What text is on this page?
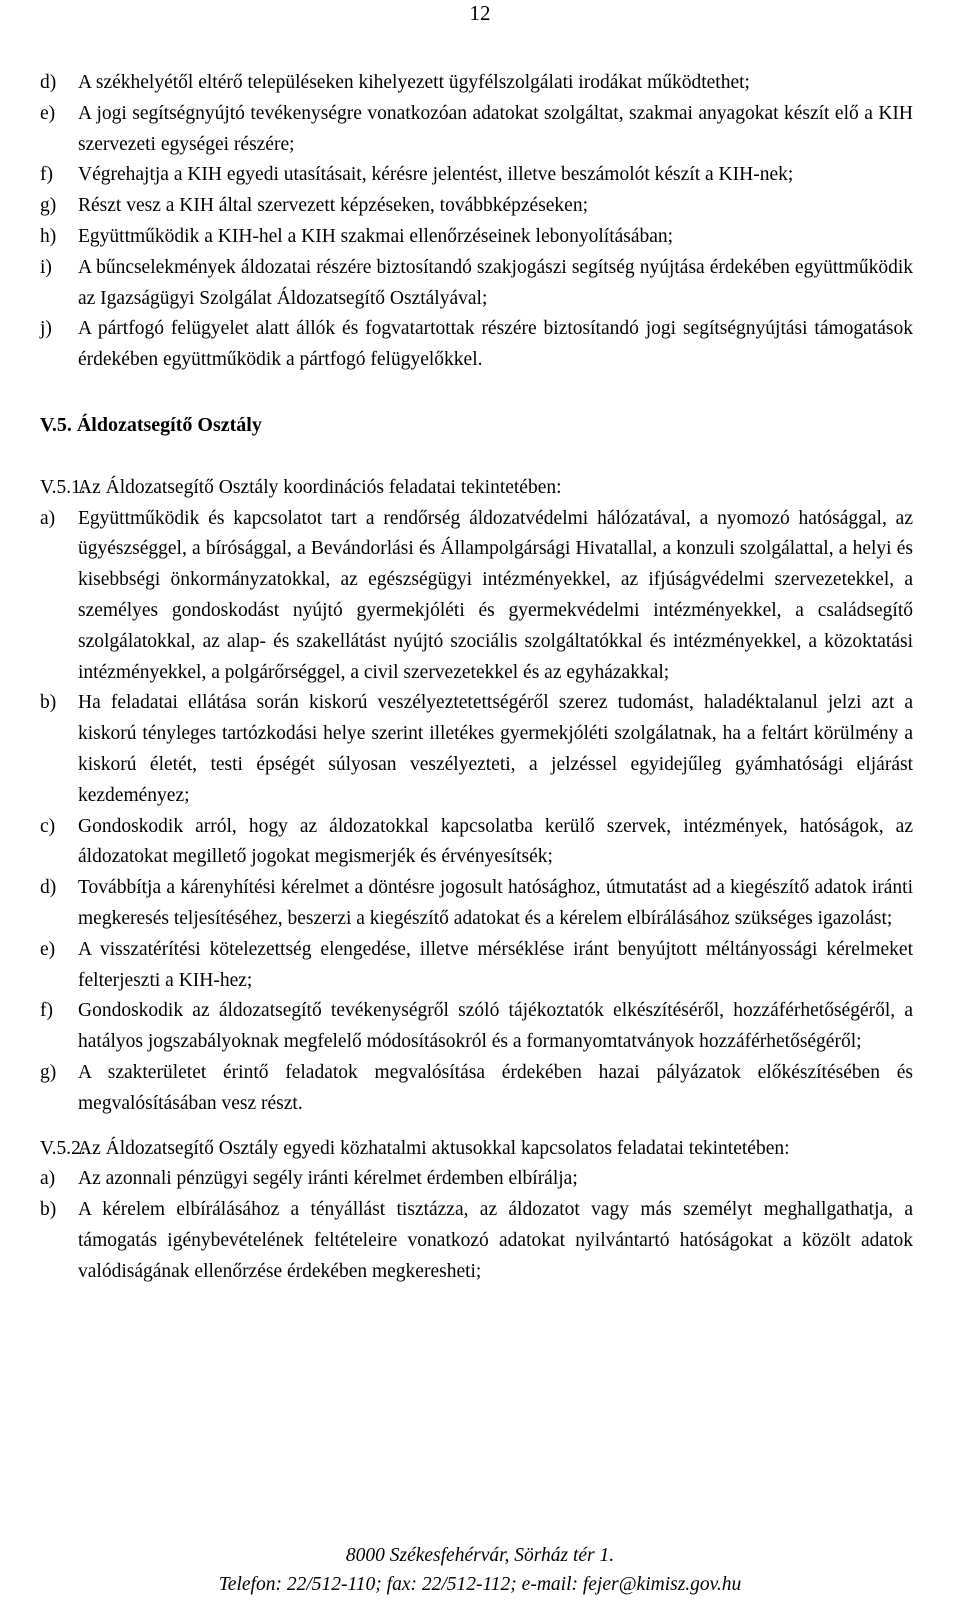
12
d) A székhelyétől eltérő településeken kihelyezett ügyfélszolgálati irodákat működtethet;

e) A jogi segítségnyújtó tevékenységre vonatkozóan adatokat szolgáltat, szakmai anyagokat készít elő a KIH szervezeti egységei részére;

f) Végrehajtja a KIH egyedi utasításait, kérésre jelentést, illetve beszámolót készít a KIH-nek;

g) Részt vesz a KIH által szervezett képzéseken, továbbképzéseken;

h) Együttműködik a KIH-hel a KIH szakmai ellenőrzéseinek lebonyolításában;

i) A bűncselekmények áldozatai részére biztosítandó szakjogászi segítség nyújtása érdekében együttműködik az Igazságügyi Szolgálat Áldozatsegítő Osztályával;

j) A pártfogó felügyelet alatt állók és fogvatartottak részére biztosítandó jogi segítségnyújtási támogatások érdekében együttműködik a pártfogó felügyelőkkel.

V.5. Áldozatsegítő Osztály
V.5.1.

Az Áldozatsegítő Osztály koordinációs feladatai tekintetében:

a) Együttműködik és kapcsolatot tart a rendőrség áldozatvédelmi hálózatával, a nyomozó hatósággal, az ügyészséggel, a bírósággal, a Bevándorlási és Állampolgársági Hivatallal, a konzuli szolgálattal, a helyi és kisebbségi önkormányzatokkal, az egészségügyi intézményekkel, az ifjúságvédelmi szervezetekkel, a személyes gondoskodást nyújtó gyermekjóléti és gyermekvédelmi intézményekkel, a családsegítő szolgálatokkal, az alap- és szakellátást nyújtó szociális szolgáltatókkal és intézményekkel, a közoktatási intézményekkel, a polgárőrséggel, a civil szervezetekkel és az egyházakkal;

b) Ha feladatai ellátása során kiskorú veszélyeztetettségéről szerez tudomást, haladéktalanul jelzi azt a kiskorú tényleges tartózkodási helye szerint illetékes gyermekjóléti szolgálatnak, ha a feltárt körülmény a kiskorú életét, testi épségét súlyosan veszélyezteti, a jelzéssel egyidejűleg gyámhatósági eljárást kezdeményez;

c) Gondoskodik arról, hogy az áldozatokkal kapcsolatba kerülő szervek, intézmények, hatóságok, az áldozatokat megillető jogokat megismerjék és érvényesítsék;

d) Továbbítja a kárenyhítési kérelmet a döntésre jogosult hatósághoz, útmutatást ad a kiegészítő adatok iránti megkeresés teljesítéséhez, beszerzi a kiegészítő adatokat és a kérelem elbírálásához szükséges igazolást;

e) A visszatérítési kötelezettség elengedése, illetve mérséklése iránt benyújtott méltányossági kérelmeket felterjeszti a KIH-hez;

f) Gondoskodik az áldozatsegítő tevékenységről szóló tájékoztatók elkészítéséről, hozzáférhetőségéről, a hatályos jogszabályoknak megfelelő módosításokról és a formanyomtatványok hozzáférhetőségéről;

g) A szakterületet érintő feladatok megvalósítása érdekében hazai pályázatok előkészítésében és megvalósításában vesz részt.

V.5.2.

Az Áldozatsegítő Osztály egyedi közhatalmi aktusokkal kapcsolatos feladatai tekintetében:

a) Az azonnali pénzügyi segély iránti kérelmet érdemben elbírálja;

b) A kérelem elbírálásához a tényállást tisztázza, az áldozatot vagy más személyt meghallgathatja, a támogatás igénybevételének feltételeire vonatkozó adatokat nyilvántartó hatóságokat a közölt adatok valódiságának ellenőrzése érdekében megkeresheti;

8000 Székesfehérvár, Sörház tér 1.
Telefon: 22/512-110; fax: 22/512-112; e-mail: fejer@kimisz.gov.hu
